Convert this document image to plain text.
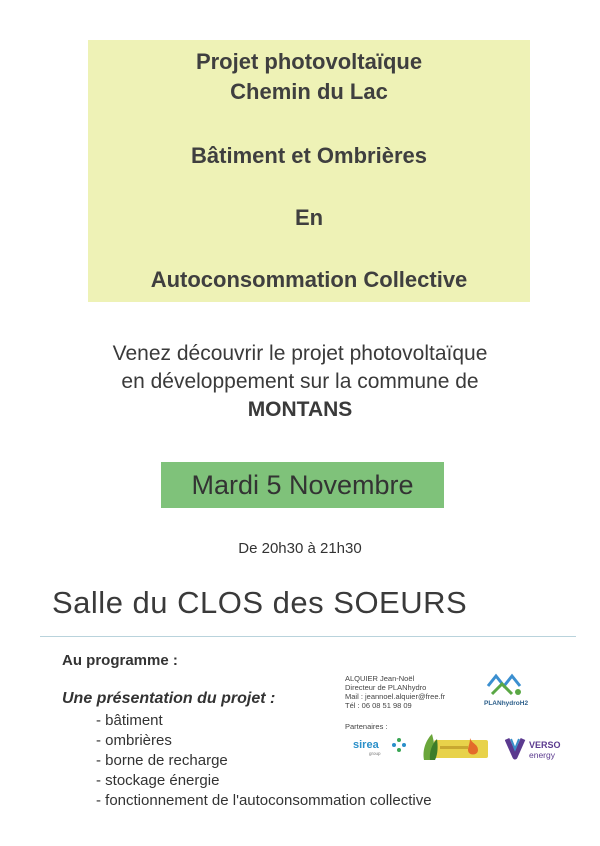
Projet photovoltaïque
Chemin du Lac
Bâtiment et Ombrières
En
Autoconsommation Collective
Venez découvrir le projet photovoltaïque
en développement sur la commune de
MONTANS
Mardi 5 Novembre
De 20h30 à 21h30
Salle du CLOS des SOEURS
Au programme :
Une présentation du projet :
- bâtiment
- ombrières
- borne de recharge
- stockage énergie
- fonctionnement de l'autoconsommation collective
ALQUIER Jean-Noël
Directeur de PLANhydro
Mail : jeannoel.alquier@free.fr
Tél : 06 08 51 98 09	PLANhydroH2
Partenaires :
sirea
group
VERSO
energy
